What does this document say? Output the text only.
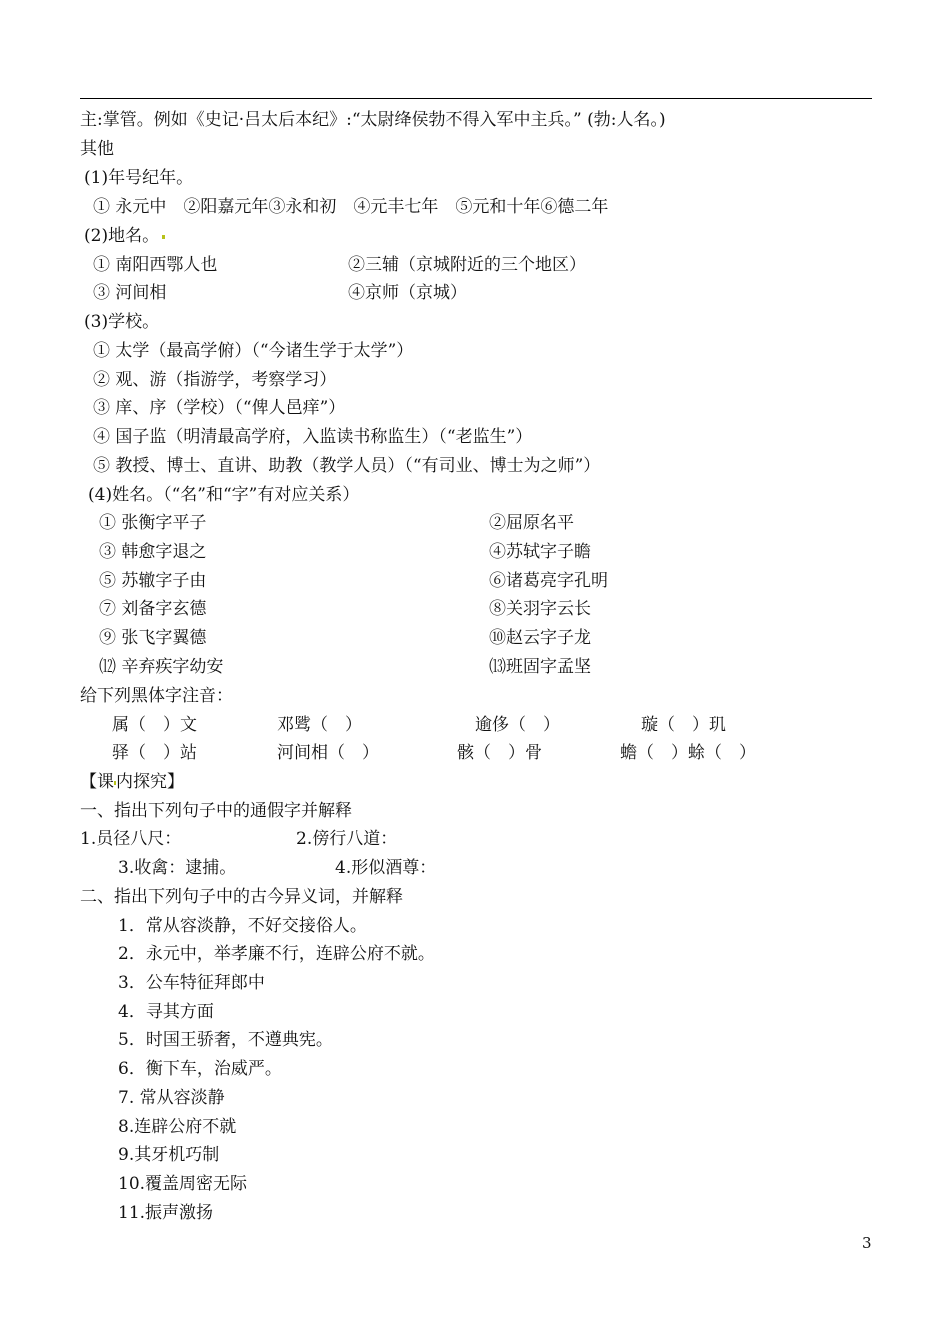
主:掌管。例如《史记·吕太后本纪》:“太尉绛侯勃不得入军中主兵。” (勃:人名。)
其他
(1)年号纪年。
① 永元中　②阳嘉元年③永和初　④元丰七年　⑤元和十年⑥德二年
(2)地名。
① 南阳西鄂人也	②三辅（京城附近的三个地区）
③ 河间相	④京师（京城）
(3)学校。
① 太学（最高学俯）（“今诸生学于太学”）
② 观、游（指游学，考察学习）
③ 庠、序（学校）（“俾人邑痒”）
④ 国子监（明清最高学府，入监读书称监生）（“老监生”）
⑤ 教授、博士、直讲、助教（教学人员）（“有司业、博士为之师”）
(4)姓名。（“名”和“字”有对应关系）
① 张衡字平子	②屈原名平
③ 韩愈字退之	④苏轼字子瞻
⑤ 苏辙字子由	⑥诸葛亮字孔明
⑦ 刘备字玄德	⑧关羽字云长
⑨ 张飞字翼德	⑩赵云字子龙
⑿ 辛弃疾字幼安	⒀班固字孟坚
给下列黑体字注音：
属（　）文	邓骘（　）	逾侈（　）	璇（　）玑
驿（　）站	河间相（　）	骸（　）骨	蟾（　）蜍（　）
【课 内探究】
一、指出下列句子中的通假字并解释
1.员径八尺：	2.傍行八道：
3.收禽：逮捕。	4.形似酒尊：
二、指出下列句子中的古今异义词，并解释
1．常从容淡静，不好交接俗人。
2．永元中，举孝廉不行，连辟公府不就。
3．公车特征拜郎中
4．寻其方面
5．时国王骄奢，不遵典宪。
6．衡下车，治威严。
7. 常从容淡静
8.连辟公府不就
9.其牙机巧制
10.覆盖周密无际
11.振声激扬
3
